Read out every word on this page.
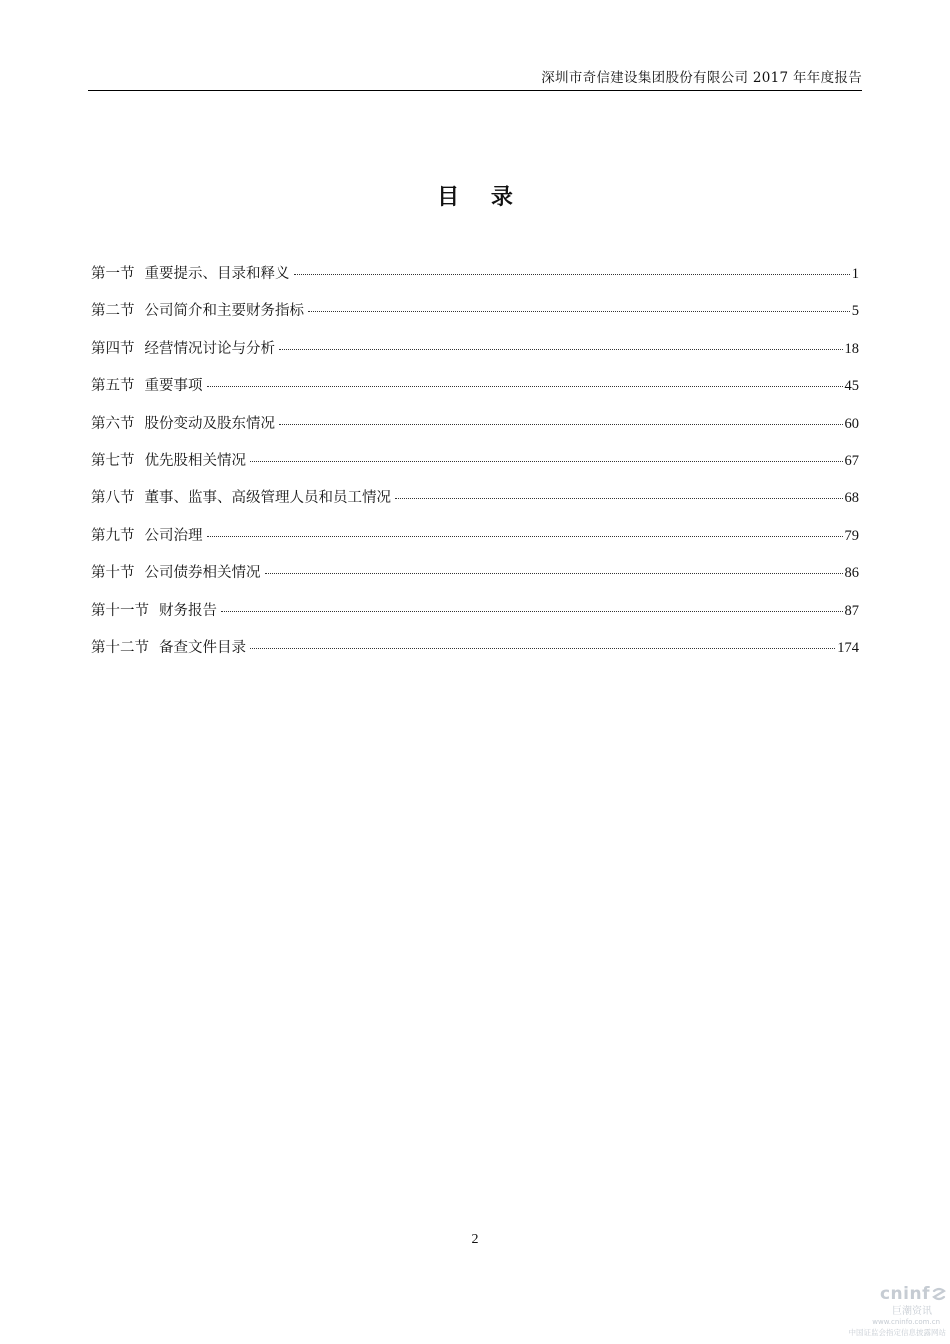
深圳市奇信建设集团股份有限公司 2017 年年度报告
目 录
第一节 重要提示、目录和释义	1
第二节 公司简介和主要财务指标	5
第四节 经营情况讨论与分析	18
第五节 重要事项	45
第六节 股份变动及股东情况	60
第七节 优先股相关情况	67
第八节 董事、监事、高级管理人员和员工情况	68
第九节 公司治理	79
第十节 公司债券相关情况	86
第十一节 财务报告	87
第十二节 备查文件目录	174
2
cninf
巨潮资讯
www.cninfo.com.cn
中国证监会指定信息披露网站
